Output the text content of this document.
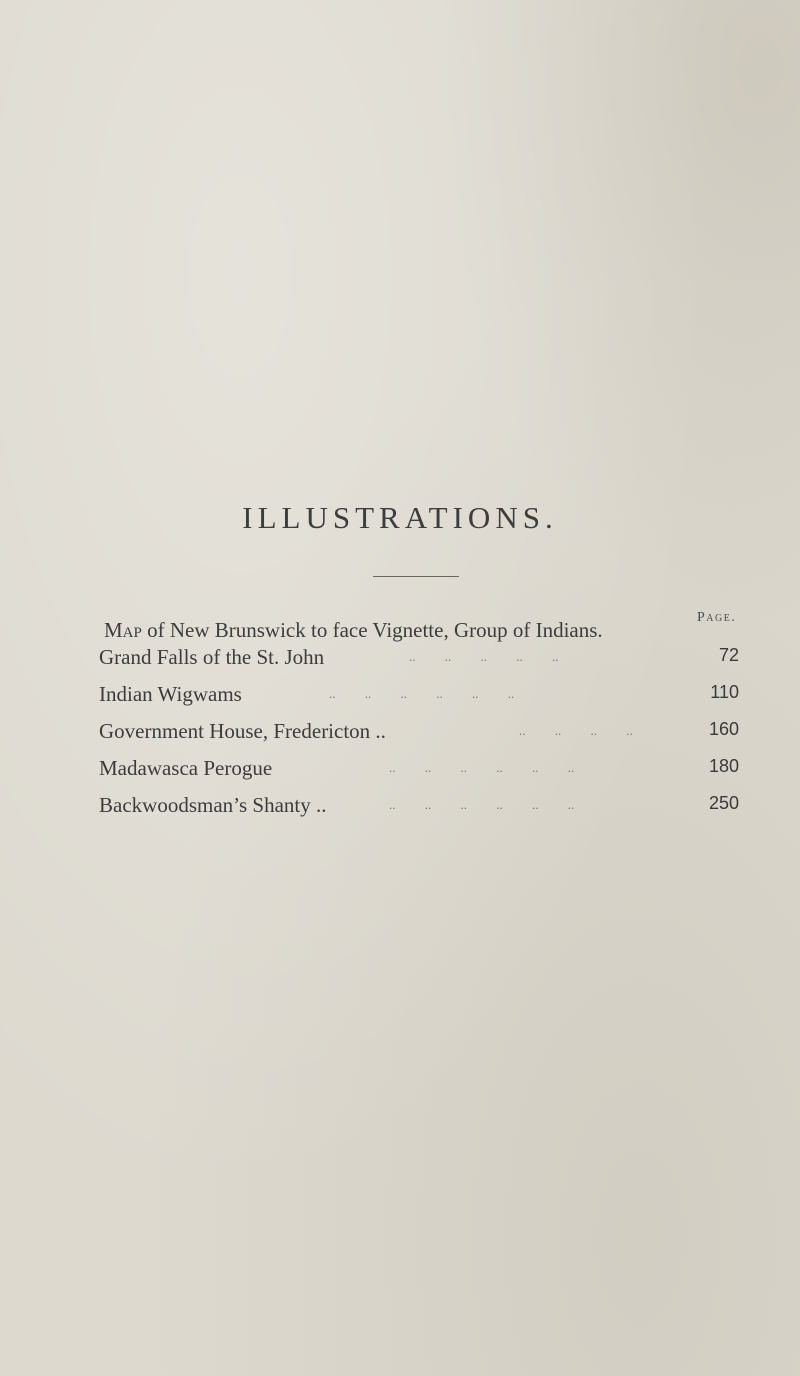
ILLUSTRATIONS.
Page.
Map of New Brunswick to face Vignette, Group of Indians.
Grand Falls of the St. John	..         ..         ..         ..         ..	72
Indian Wigwams	..         ..         ..         ..         ..         ..	110
Government House, Fredericton ..	..         ..         ..         ..	160
Madawasca Perogue	..         ..         ..         ..         ..         ..	180
Backwoodsman’s Shanty ..	..         ..         ..         ..         ..         ..	250
